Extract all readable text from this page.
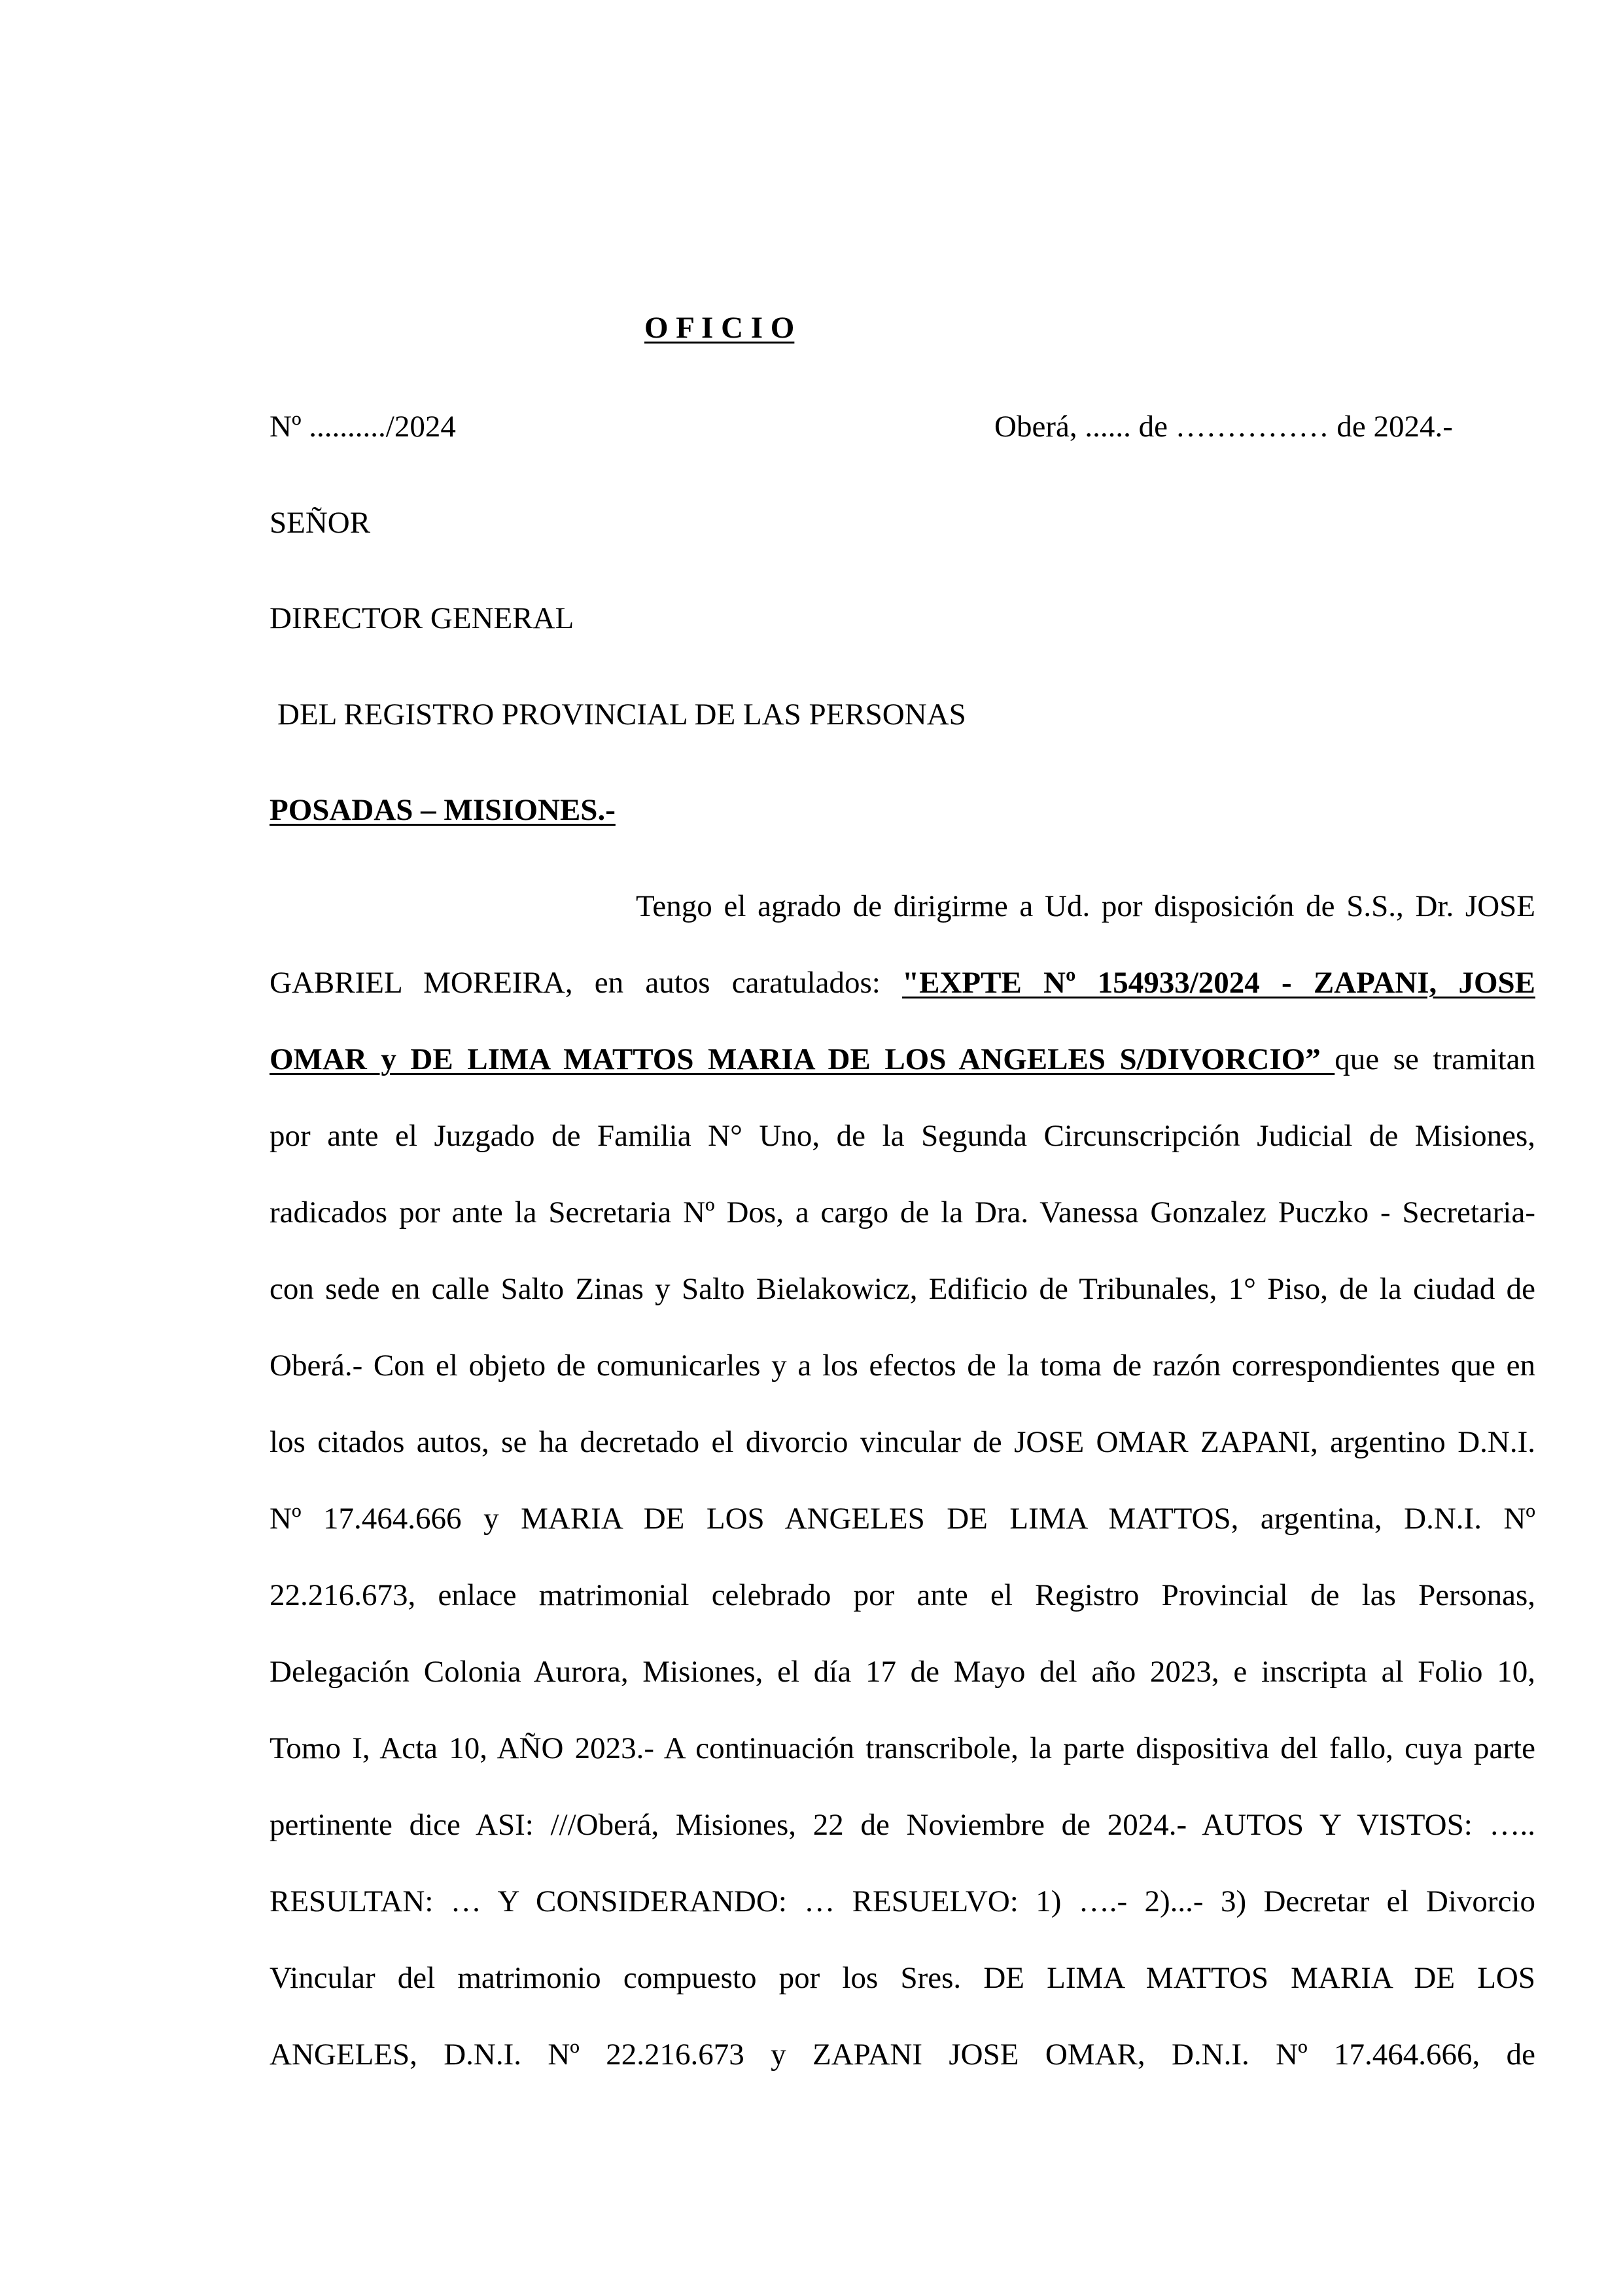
O F I C I O
Nº ........../2024	Oberá, ...... de …………… de 2024.-
SEÑOR
DIRECTOR GENERAL
DEL REGISTRO PROVINCIAL DE LAS PERSONAS
POSADAS – MISIONES.-
Tengo el agrado de dirigirme a Ud. por disposición de S.S., Dr. JOSE
GABRIEL MOREIRA, en autos caratulados: "EXPTE Nº 154933/2024 - ZAPANI, JOSE
OMAR y DE LIMA MATTOS MARIA DE LOS ANGELES S/DIVORCIO” que se tramitan
por ante el Juzgado de Familia N° Uno, de la Segunda Circunscripción Judicial de Misiones,
radicados por ante la Secretaria Nº Dos, a cargo de la Dra. Vanessa Gonzalez Puczko - Secretaria-
con sede en calle Salto Zinas y Salto Bielakowicz, Edificio de Tribunales, 1° Piso, de la ciudad de
Oberá.- Con el objeto de comunicarles y a los efectos de la toma de razón correspondientes que en
los citados autos, se ha decretado el divorcio vincular de JOSE OMAR ZAPANI, argentino D.N.I.
Nº 17.464.666 y MARIA DE LOS ANGELES DE LIMA MATTOS, argentina, D.N.I. Nº
22.216.673, enlace matrimonial celebrado por ante el Registro Provincial de las Personas,
Delegación Colonia Aurora, Misiones, el día 17 de Mayo del año 2023, e inscripta al Folio 10,
Tomo I, Acta 10, AÑO 2023.- A continuación transcribole, la parte dispositiva del fallo, cuya parte
pertinente dice ASI: ///Oberá, Misiones, 22 de Noviembre de 2024.- AUTOS Y VISTOS: …..
RESULTAN: … Y CONSIDERANDO: … RESUELVO: 1) ….- 2)...- 3) Decretar el Divorcio
Vincular del matrimonio compuesto por los Sres. DE LIMA MATTOS MARIA DE LOS
ANGELES, D.N.I. Nº 22.216.673 y ZAPANI JOSE OMAR, D.N.I. Nº 17.464.666, de
